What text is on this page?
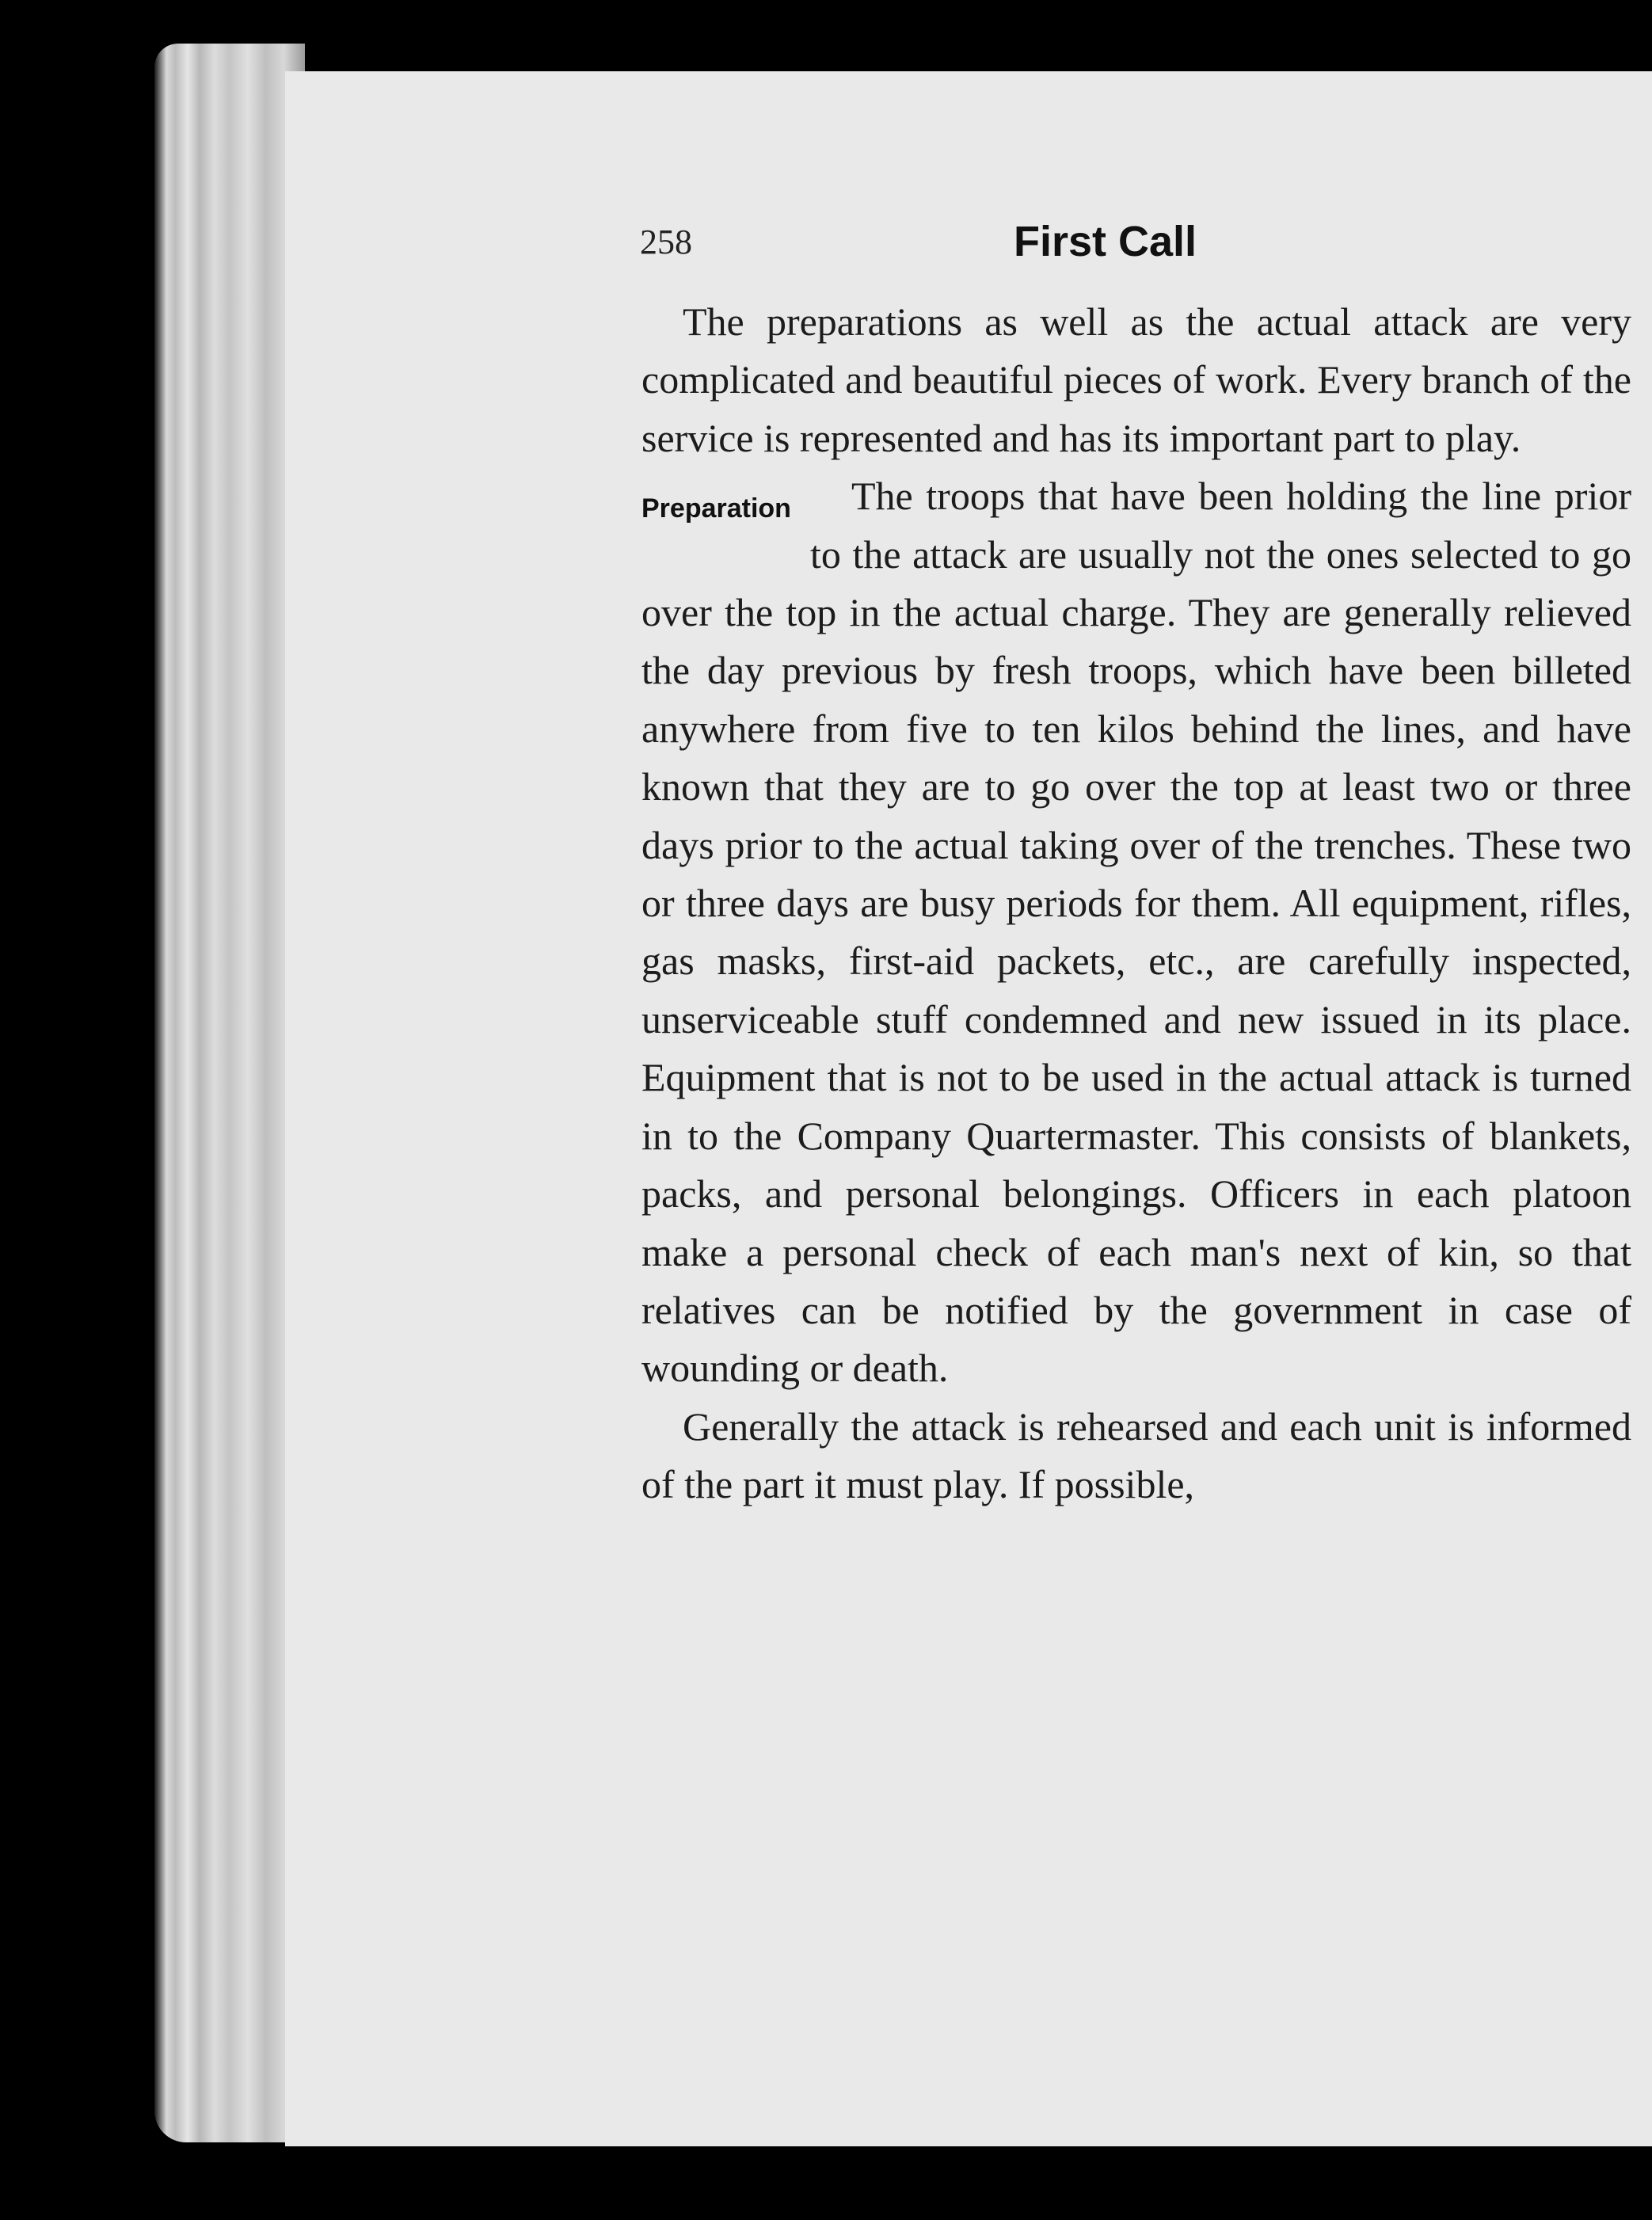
258	First Call

The preparations as well as the actual attack are very complicated and beautiful pieces of work. Every branch of the service is represented and has its important part to play.

Preparation The troops that have been holding the line prior to the attack are usually not the ones selected to go over the top in the actual charge. They are generally relieved the day previous by fresh troops, which have been billeted anywhere from five to ten kilos behind the lines, and have known that they are to go over the top at least two or three days prior to the actual taking over of the trenches. These two or three days are busy periods for them. All equipment, rifles, gas masks, first-aid packets, etc., are carefully inspected, unserviceable stuff condemned and new issued in its place. Equipment that is not to be used in the actual attack is turned in to the Company Quartermaster. This consists of blankets, packs, and personal belongings. Officers in each platoon make a personal check of each man's next of kin, so that relatives can be notified by the government in case of wounding or death.

Generally the attack is rehearsed and each unit is informed of the part it must play. If possible,
